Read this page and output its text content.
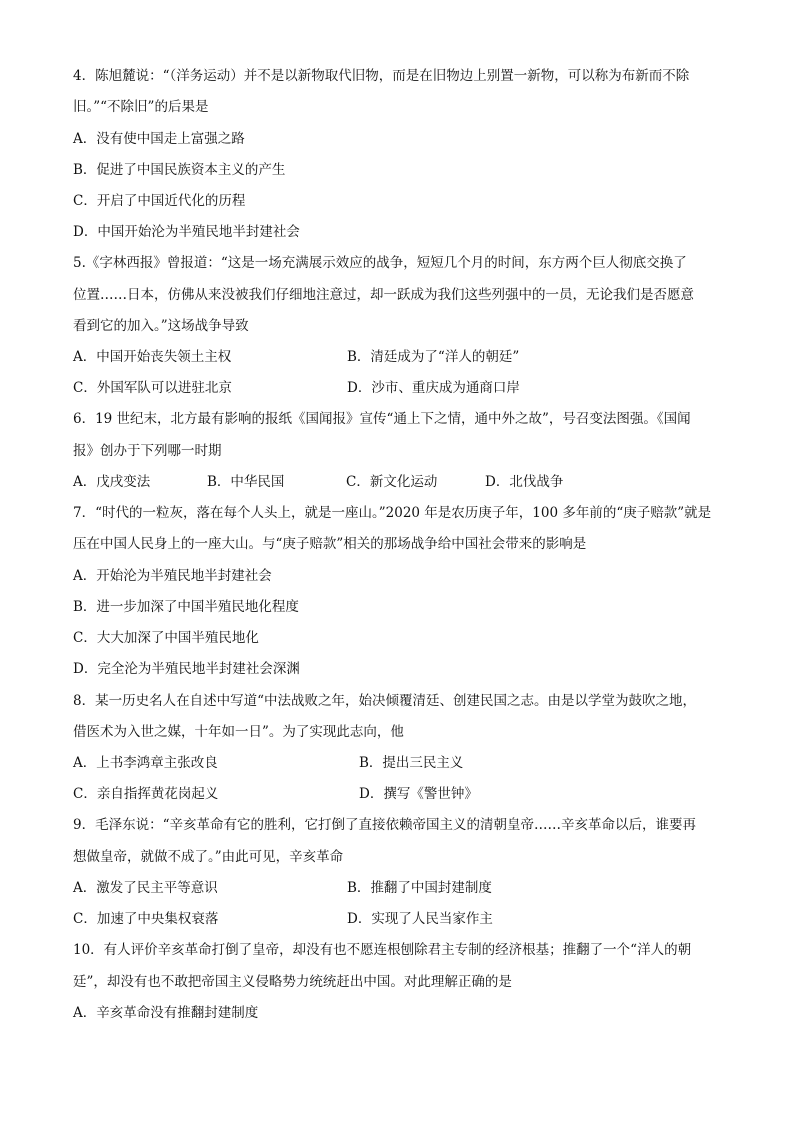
4．陈旭麓说：“（洋务运动）并不是以新物取代旧物，而是在旧物边上别置一新物，可以称为布新而不除
旧。”“不除旧”的后果是
A．没有使中国走上富强之路
B．促进了中国民族资本主义的产生
C．开启了中国近代化的历程
D．中国开始沦为半殖民地半封建社会
5.《字林西报》曾报道：“这是一场充满展示效应的战争，短短几个月的时间，东方两个巨人彻底交换了
位置……日本，仿佛从来没被我们仔细地注意过，却一跃成为我们这些列强中的一员，无论我们是否愿意
看到它的加入。”这场战争导致
A．中国开始丧失领土主权	B．清廷成为了“洋人的朝廷”
C．外国军队可以进驻北京	D．沙市、重庆成为通商口岸
6．19 世纪末，北方最有影响的报纸《国闻报》宣传“通上下之情，通中外之故”，号召变法图强。《国闻
报》创办于下列哪一时期
A．戊戌变法	B．中华民国	C．新文化运动	D．北伐战争
7．“时代的一粒灰，落在每个人头上，就是一座山。”2020 年是农历庚子年，100 多年前的“庚子赔款”就是
压在中国人民身上的一座大山。与“庚子赔款”相关的那场战争给中国社会带来的影响是
A．开始沦为半殖民地半封建社会
B．进一步加深了中国半殖民地化程度
C．大大加深了中国半殖民地化
D．完全沦为半殖民地半封建社会深渊
8．某一历史名人在自述中写道“中法战败之年，始决倾覆清廷、创建民国之志。由是以学堂为鼓吹之地，
借医术为入世之媒，十年如一日”。为了实现此志向，他
A．上书李鸿章主张改良	B．提出三民主义
C．亲自指挥黄花岗起义	D．撰写《警世钟》
9．毛泽东说：“辛亥革命有它的胜利，它打倒了直接依赖帝国主义的清朝皇帝……辛亥革命以后，谁要再
想做皇帝，就做不成了。”由此可见，辛亥革命
A．激发了民主平等意识	B．推翻了中国封建制度
C．加速了中央集权衰落	D．实现了人民当家作主
10．有人评价辛亥革命打倒了皇帝，却没有也不愿连根刨除君主专制的经济根基；推翻了一个“洋人的朝
廷”，却没有也不敢把帝国主义侵略势力统统赶出中国。对此理解正确的是
A．辛亥革命没有推翻封建制度
